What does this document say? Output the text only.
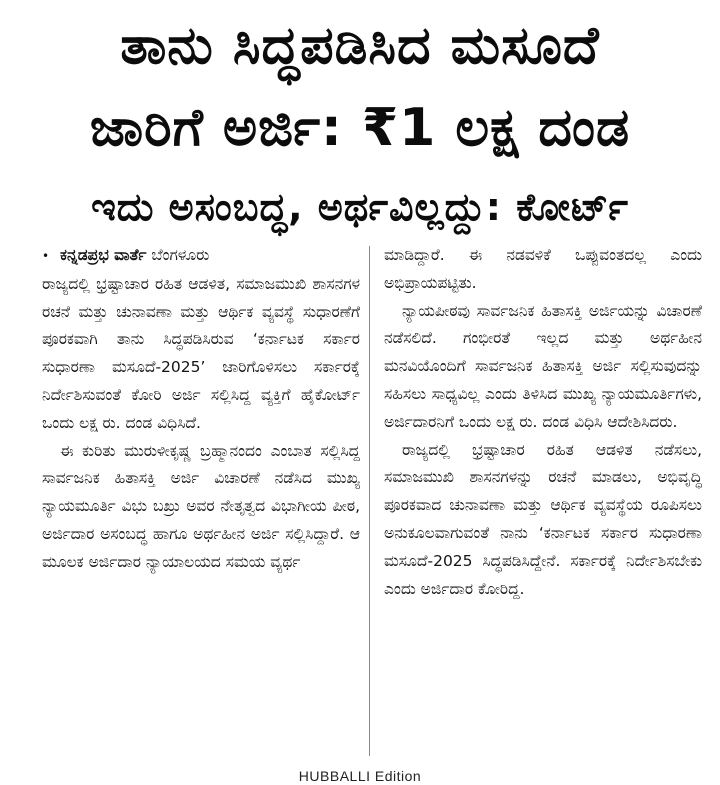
ತಾನು ಸಿದ್ಧಪಡಿಸಿದ ಮಸೂದೆ
ಜಾರಿಗೆ ಅರ್ಜಿ: ₹1 ಲಕ್ಷ ದಂಡ
ಇದು ಅಸಂಬದ್ಧ, ಅರ್ಥವಿಲ್ಲದ್ದು: ಕೋರ್ಟ್
• ಕನ್ನಡಪ್ರಭ ವಾರ್ತೆ ಬೆಂಗಳೂರು

ರಾಜ್ಯದಲ್ಲಿ ಭ್ರಷ್ಟಾಚಾರ ರಹಿತ ಆಡಳಿತ, ಸಮಾಜಮುಖಿ ಶಾಸನಗಳ ರಚನೆ ಮತ್ತು ಚುನಾವಣಾ ಮತ್ತು ಆರ್ಥಿಕ ವ್ಯವಸ್ಥೆ ಸುಧಾರಣೆಗೆ ಪೂರಕವಾಗಿ ತಾನು ಸಿದ್ಧಪಡಿಸಿರುವ ‘ಕರ್ನಾಟಕ ಸರ್ಕಾರ ಸುಧಾರಣಾ ಮಸೂದೆ-2025’ ಜಾರಿಗೊಳಿಸಲು ಸರ್ಕಾರಕ್ಕೆ ನಿರ್ದೇಶಿಸುವಂತೆ ಕೋರಿ ಅರ್ಜಿ ಸಲ್ಲಿಸಿದ್ದ ವ್ಯಕ್ತಿಗೆ ಹೈಕೋರ್ಟ್ ಒಂದು ಲಕ್ಷ ರು. ದಂಡ ವಿಧಿಸಿದೆ.

ಈ ಕುರಿತು ಮುರುಳೀಕೃಷ್ಣ ಬ್ರಹ್ಮಾನಂದಂ ಎಂಬಾತ ಸಲ್ಲಿಸಿದ್ದ ಸಾರ್ವಜನಿಕ ಹಿತಾಸಕ್ತಿ ಅರ್ಜಿ ವಿಚಾರಣೆ ನಡೆಸಿದ ಮುಖ್ಯ ನ್ಯಾಯಮೂರ್ತಿ ವಿಭು ಬಖ್ರು ಅವರ ನೇತೃತ್ವದ ವಿಭಾಗೀಯ ಪೀಠ, ಅರ್ಜಿದಾರ ಅಸಂಬದ್ಧ ಹಾಗೂ ಅರ್ಥಹೀನ ಅರ್ಜಿ ಸಲ್ಲಿಸಿದ್ದಾರೆ. ಆ ಮೂಲಕ ಅರ್ಜಿದಾರ ನ್ಯಾಯಾಲಯದ ಸಮಯ ವ್ಯರ್ಥ

ಮಾಡಿದ್ದಾರೆ. ಈ ನಡವಳಿಕೆ ಒಪ್ಪುವಂತದಲ್ಲ ಎಂದು ಅಭಿಪ್ರಾಯಪಟ್ಟಿತು.

ನ್ಯಾಯಪೀಠವು ಸಾರ್ವಜನಿಕ ಹಿತಾಸಕ್ತಿ ಅರ್ಜಿಯನ್ನು ವಿಚಾರಣೆ ನಡೆಸಲಿದೆ. ಗಂಭೀರತೆ ಇಲ್ಲದ ಮತ್ತು ಅರ್ಥಹೀನ ಮನವಿಯೊಂದಿಗೆ ಸಾರ್ವಜನಿಕ ಹಿತಾಸಕ್ತಿ ಅರ್ಜಿ ಸಲ್ಲಿಸುವುದನ್ನು ಸಹಿಸಲು ಸಾಧ್ಯವಿಲ್ಲ ಎಂದು ತಿಳಿಸಿದ ಮುಖ್ಯ ನ್ಯಾಯಮೂರ್ತಿಗಳು, ಅರ್ಜಿದಾರನಿಗೆ ಒಂದು ಲಕ್ಷ ರು. ದಂಡ ವಿಧಿಸಿ ಆದೇಶಿಸಿದರು.

ರಾಜ್ಯದಲ್ಲಿ ಭ್ರಷ್ಟಾಚಾರ ರಹಿತ ಆಡಳಿತ ನಡೆಸಲು, ಸಮಾಜಮುಖಿ ಶಾಸನಗಳನ್ನು ರಚನೆ ಮಾಡಲು, ಅಭಿವೃದ್ಧಿ ಪೂರಕವಾದ ಚುನಾವಣಾ ಮತ್ತು ಆರ್ಥಿಕ ವ್ಯವಸ್ಥೆಯ ರೂಪಿಸಲು ಅನುಕೂಲವಾಗುವಂತೆ ನಾನು ‘ಕರ್ನಾಟಕ ಸರ್ಕಾರ ಸುಧಾರಣಾ ಮಸೂದೆ-2025 ಸಿದ್ಧಪಡಿಸಿದ್ದೇನೆ. ಸರ್ಕಾರಕ್ಕೆ ನಿರ್ದೇಶಿಸಬೇಕು ಎಂದು ಅರ್ಜಿದಾರ ಕೋರಿದ್ದ.

HUBBALLI Edition
